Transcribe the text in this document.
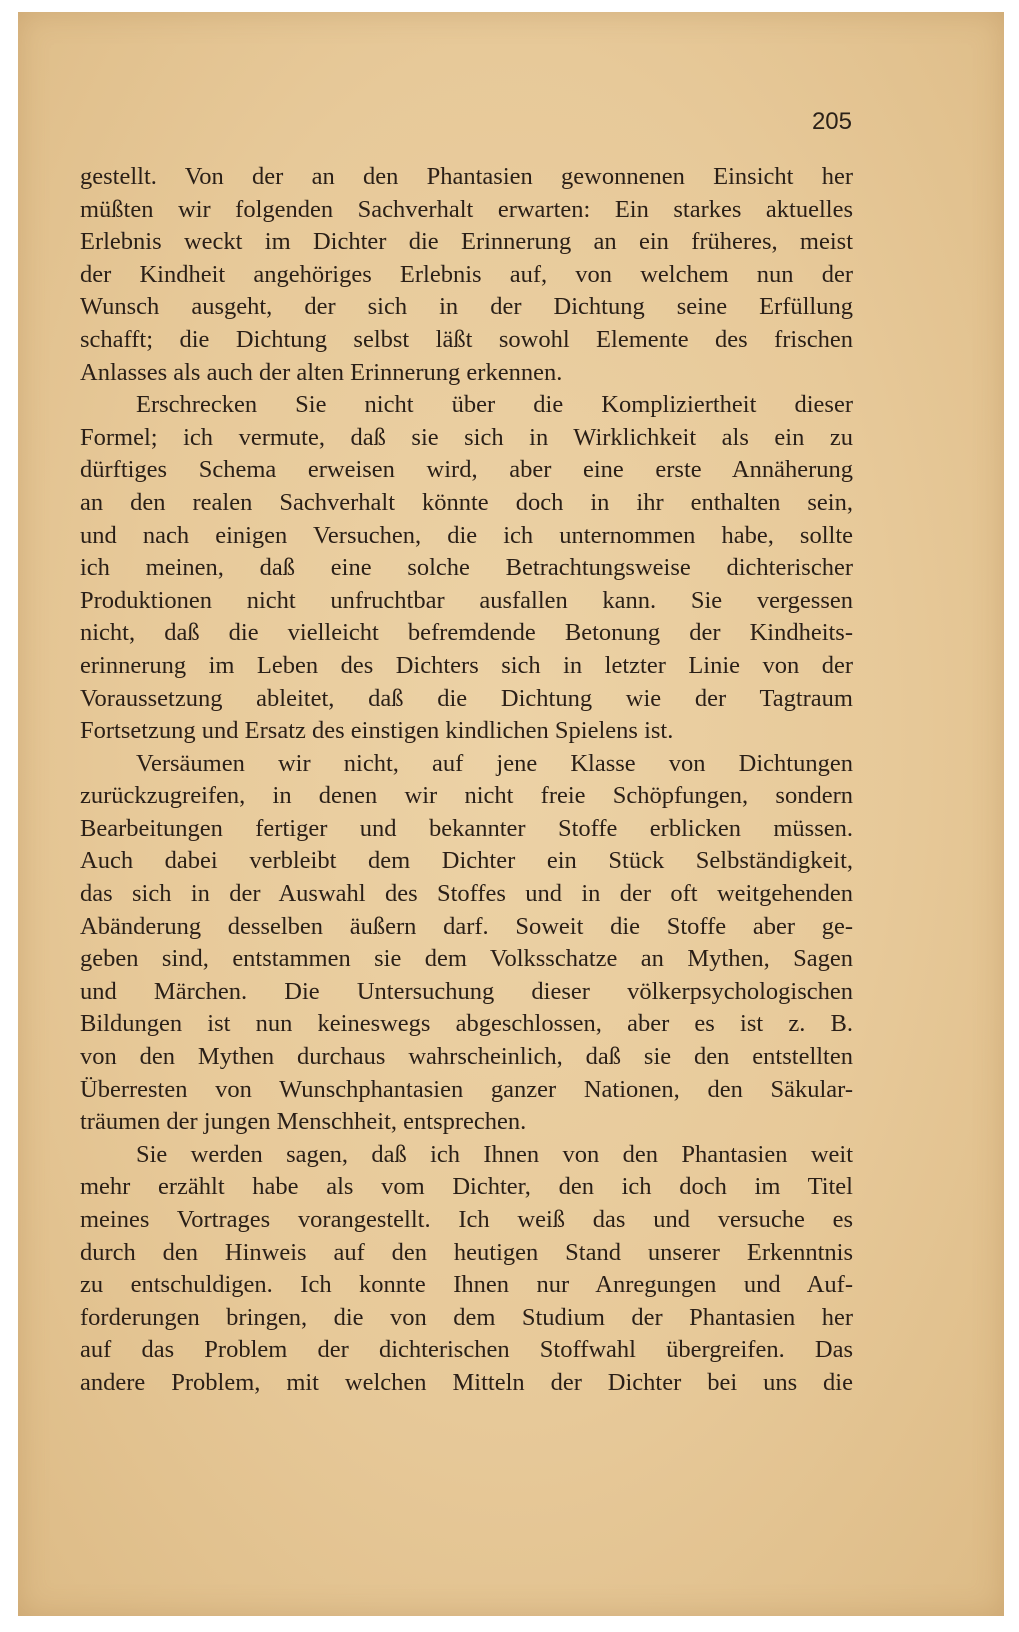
205
gestellt. Von der an den Phantasien gewonnenen Einsicht her
müßten wir folgenden Sachverhalt erwarten: Ein starkes aktuelles
Erlebnis weckt im Dichter die Erinnerung an ein früheres, meist
der Kindheit angehöriges Erlebnis auf, von welchem nun der
Wunsch ausgeht, der sich in der Dichtung seine Erfüllung
schafft; die Dichtung selbst läßt sowohl Elemente des frischen
Anlasses als auch der alten Erinnerung erkennen.
Erschrecken Sie nicht über die Kompliziertheit dieser
Formel; ich vermute, daß sie sich in Wirklichkeit als ein zu
dürftiges Schema erweisen wird, aber eine erste Annäherung
an den realen Sachverhalt könnte doch in ihr enthalten sein,
und nach einigen Versuchen, die ich unternommen habe, sollte
ich meinen, daß eine solche Betrachtungsweise dichterischer
Produktionen nicht unfruchtbar ausfallen kann. Sie vergessen
nicht, daß die vielleicht befremdende Betonung der Kindheits-
erinnerung im Leben des Dichters sich in letzter Linie von der
Voraussetzung ableitet, daß die Dichtung wie der Tagtraum
Fortsetzung und Ersatz des einstigen kindlichen Spielens ist.
Versäumen wir nicht, auf jene Klasse von Dichtungen
zurückzugreifen, in denen wir nicht freie Schöpfungen, sondern
Bearbeitungen fertiger und bekannter Stoffe erblicken müssen.
Auch dabei verbleibt dem Dichter ein Stück Selbständigkeit,
das sich in der Auswahl des Stoffes und in der oft weitgehenden
Abänderung desselben äußern darf. Soweit die Stoffe aber ge-
geben sind, entstammen sie dem Volksschatze an Mythen, Sagen
und Märchen. Die Untersuchung dieser völkerpsychologischen
Bildungen ist nun keineswegs abgeschlossen, aber es ist z. B.
von den Mythen durchaus wahrscheinlich, daß sie den entstellten
Überresten von Wunschphantasien ganzer Nationen, den Säkular-
träumen der jungen Menschheit, entsprechen.
Sie werden sagen, daß ich Ihnen von den Phantasien weit
mehr erzählt habe als vom Dichter, den ich doch im Titel
meines Vortrages vorangestellt. Ich weiß das und versuche es
durch den Hinweis auf den heutigen Stand unserer Erkenntnis
zu entschuldigen. Ich konnte Ihnen nur Anregungen und Auf-
forderungen bringen, die von dem Studium der Phantasien her
auf das Problem der dichterischen Stoffwahl übergreifen. Das
andere Problem, mit welchen Mitteln der Dichter bei uns die
